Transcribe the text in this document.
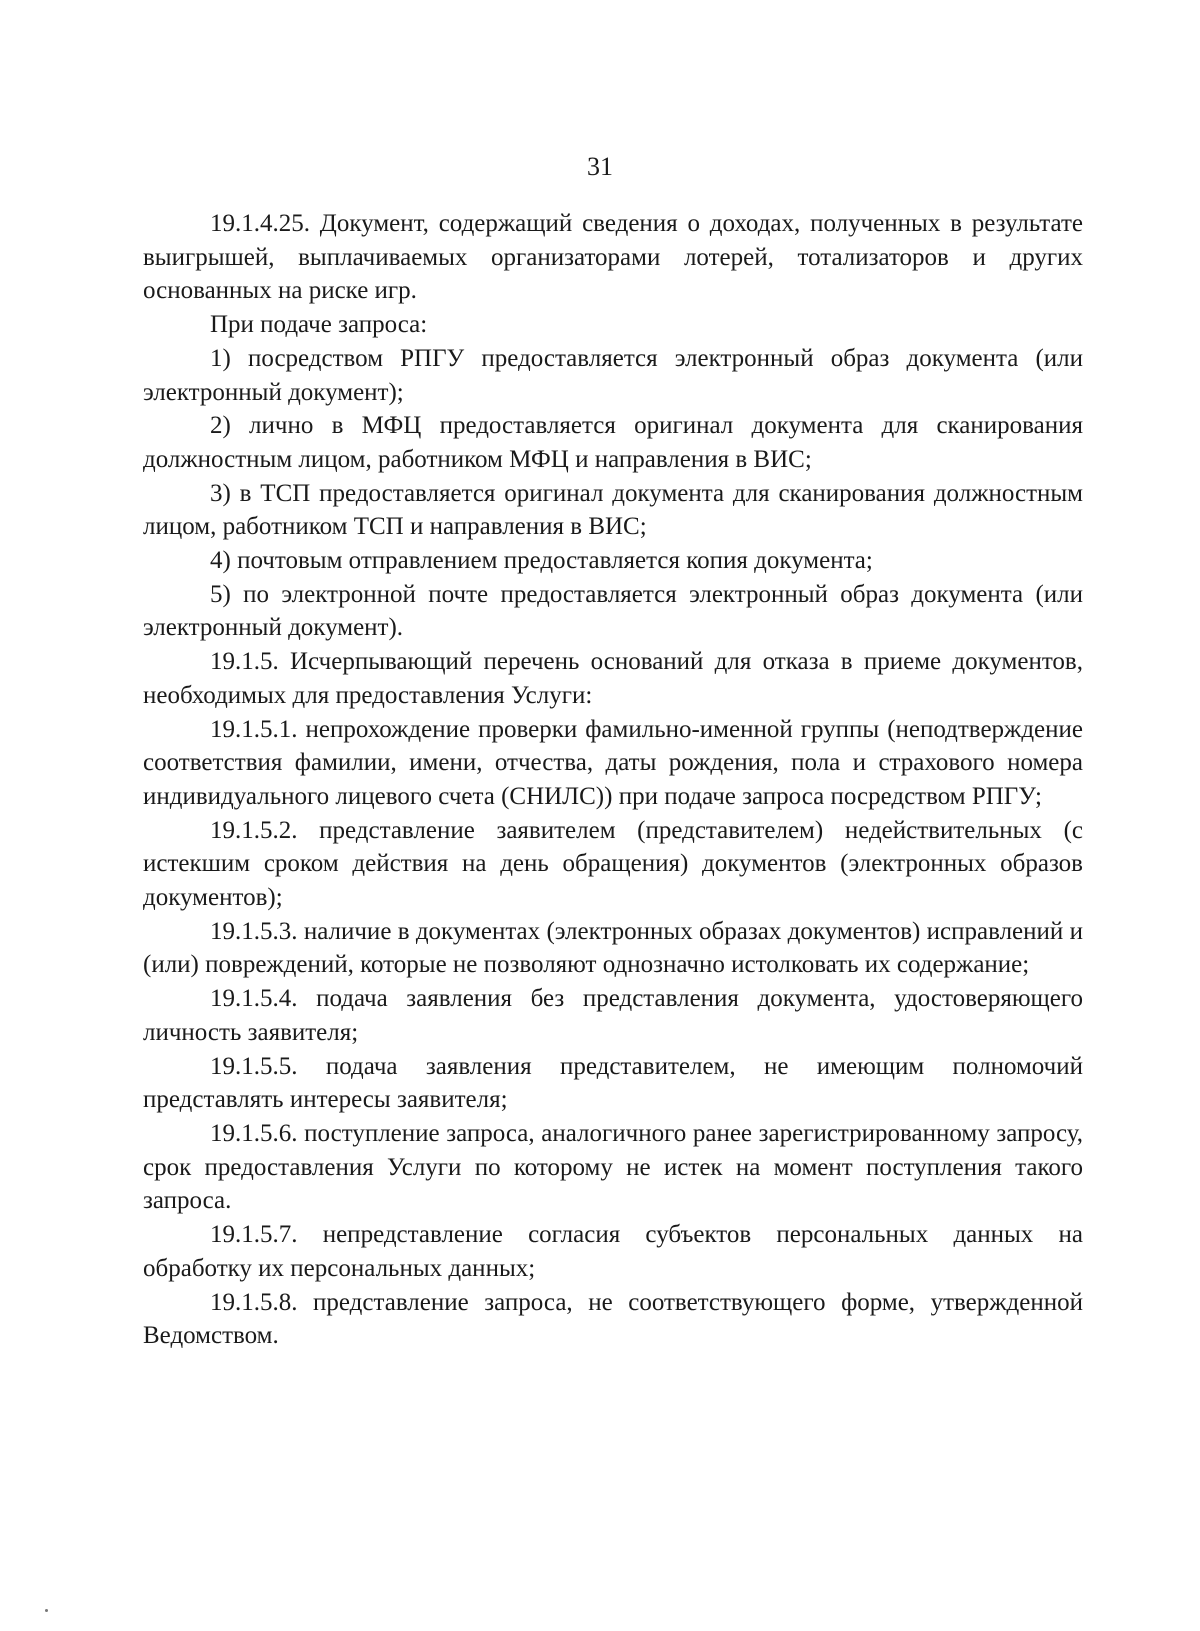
31

19.1.4.25. Документ, содержащий сведения о доходах, полученных в результате выигрышей, выплачиваемых организаторами лотерей, тотализаторов и других основанных на риске игр.

При подаче запроса:

1) посредством РПГУ предоставляется электронный образ документа (или электронный документ);

2) лично в МФЦ предоставляется оригинал документа для сканирования должностным лицом, работником МФЦ и направления в ВИС;

3) в ТСП предоставляется оригинал документа для сканирования должностным лицом, работником ТСП и направления в ВИС;

4) почтовым отправлением предоставляется копия документа;

5) по электронной почте предоставляется электронный образ документа (или электронный документ).

19.1.5. Исчерпывающий перечень оснований для отказа в приеме документов, необходимых для предоставления Услуги:

19.1.5.1. непрохождение проверки фамильно-именной группы (неподтверждение соответствия фамилии, имени, отчества, даты рождения, пола и страхового номера индивидуального лицевого счета (СНИЛС)) при подаче запроса посредством РПГУ;

19.1.5.2. представление заявителем (представителем) недействительных (с истекшим сроком действия на день обращения) документов (электронных образов документов);

19.1.5.3. наличие в документах (электронных образах документов) исправлений и (или) повреждений, которые не позволяют однозначно истолковать их содержание;

19.1.5.4. подача заявления без представления документа, удостоверяющего личность заявителя;

19.1.5.5. подача заявления представителем, не имеющим полномочий представлять интересы заявителя;

19.1.5.6. поступление запроса, аналогичного ранее зарегистрированному запросу, срок предоставления Услуги по которому не истек на момент поступления такого запроса.

19.1.5.7. непредставление согласия субъектов персональных данных на обработку их персональных данных;

19.1.5.8. представление запроса, не соответствующего форме, утвержденной Ведомством.
